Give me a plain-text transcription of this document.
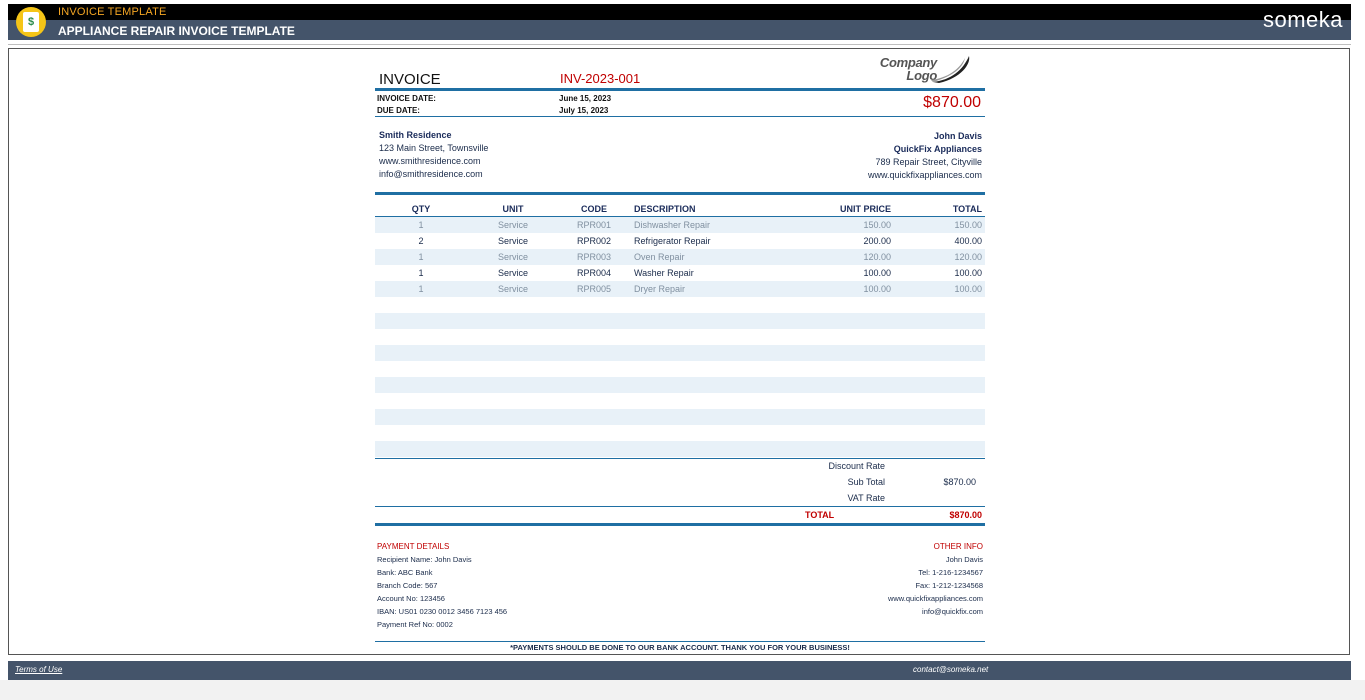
$
INVOICE TEMPLATE
APPLIANCE REPAIR INVOICE TEMPLATE	someka
Company
Logo
INVOICE	INV-2023-001
INVOICE DATE:	June 15, 2023
DUE DATE:	July 15, 2023	$870.00
Smith Residence
123 Main Street, Townsville
www.smithresidence.com
info@smithresidence.com
John Davis
QuickFix Appliances
789 Repair Street, Cityville
www.quickfixappliances.com
QTY	UNIT	CODE	DESCRIPTION	UNIT PRICE	TOTAL
1	Service	RPR001	Dishwasher Repair	150.00	150.00
2	Service	RPR002	Refrigerator Repair	200.00	400.00
1	Service	RPR003	Oven Repair	120.00	120.00
1	Service	RPR004	Washer Repair	100.00	100.00
1	Service	RPR005	Dryer Repair	100.00	100.00
Discount Rate
Sub Total	$870.00
VAT Rate
TOTAL	$870.00
PAYMENT DETAILS
Recipient Name: John Davis
Bank: ABC Bank
Branch Code: 567
Account No: 123456
IBAN: US01 0230 0012 3456 7123 456
Payment Ref No: 0002
OTHER INFO
John Davis
Tel: 1-216-1234567
Fax: 1-212-1234568
www.quickfixappliances.com
info@quickfix.com
*PAYMENTS SHOULD BE DONE TO OUR BANK ACCOUNT. THANK YOU FOR YOUR BUSINESS!
Terms of Use	contact@someka.net
